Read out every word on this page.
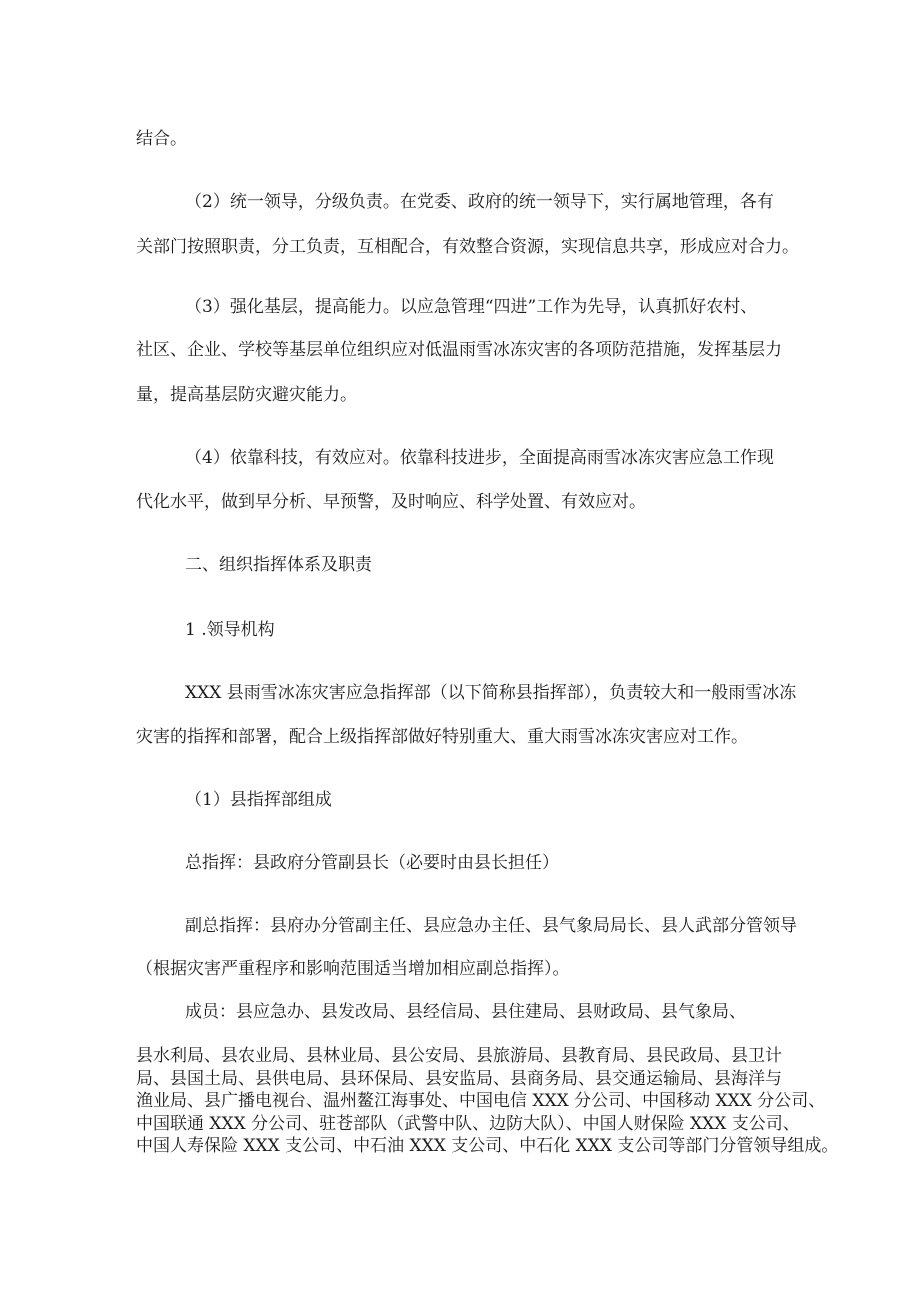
结合。
（2）统一领导，分级负责。在党委、政府的统一领导下，实行属地管理，各有
关部门按照职责，分工负责，互相配合，有效整合资源，实现信息共享，形成应对合力。
（3）强化基层，提高能力。以应急管理“四进”工作为先导，认真抓好农村、
社区、企业、学校等基层单位组织应对低温雨雪冰冻灾害的各项防范措施，发挥基层力
量，提高基层防灾避灾能力。
（4）依靠科技，有效应对。依靠科技进步，全面提高雨雪冰冻灾害应急工作现
代化水平，做到早分析、早预警，及时响应、科学处置、有效应对。
二、组织指挥体系及职责
1 .领导机构
XXX 县雨雪冰冻灾害应急指挥部（以下简称县指挥部），负责较大和一般雨雪冰冻
灾害的指挥和部署，配合上级指挥部做好特别重大、重大雨雪冰冻灾害应对工作。
（1）县指挥部组成
总指挥：县政府分管副县长（必要时由县长担任）
副总指挥：县府办分管副主任、县应急办主任、县气象局局长、县人武部分管领导
（根据灾害严重程序和影响范围适当增加相应副总指挥）。
成员：县应急办、县发改局、县经信局、县住建局、县财政局、县气象局、
县水利局、县农业局、县林业局、县公安局、县旅游局、县教育局、县民政局、县卫计
局、县国土局、县供电局、县环保局、县安监局、县商务局、县交通运输局、县海洋与
渔业局、县广播电视台、温州鳌江海事处、中国电信 XXX 分公司、中国移动 XXX 分公司、
中国联通 XXX 分公司、驻苍部队（武警中队、边防大队）、中国人财保险 XXX 支公司、
中国人寿保险 XXX 支公司、中石油 XXX 支公司、中石化 XXX 支公司等部门分管领导组成。
